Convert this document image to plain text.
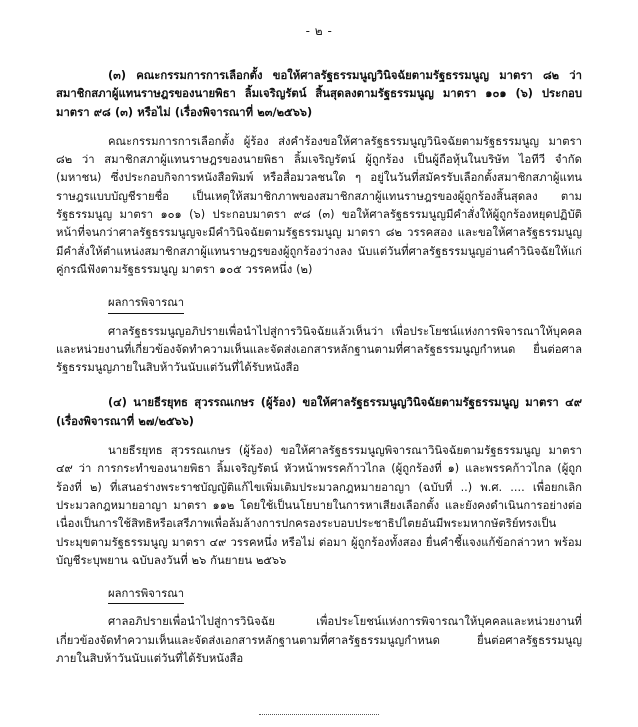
- ๒ -

(๓) คณะกรรมการการเลือกตั้ง ขอให้ศาลรัฐธรรมนูญวินิจฉัยตามรัฐธรรมนูญ มาตรา ๘๒ ว่า สมาชิกสภาผู้แทนราษฎรของนายพิธา ลิ้มเจริญรัตน์ สิ้นสุดลงตามรัฐธรรมนูญ มาตรา ๑๐๑ (๖) ประกอบ มาตรา ๙๘ (๓) หรือไม่ (เรื่องพิจารณาที่ ๒๓/๒๕๖๖)

คณะกรรมการการเลือกตั้ง ผู้ร้อง ส่งคำร้องขอให้ศาลรัฐธรรมนูญวินิจฉัยตามรัฐธรรมนูญ มาตรา ๘๒ ว่า สมาชิกสภาผู้แทนราษฎรของนายพิธา ลิ้มเจริญรัตน์ ผู้ถูกร้อง เป็นผู้ถือหุ้นในบริษัท ไอทีวี จำกัด (มหาชน) ซึ่งประกอบกิจการหนังสือพิมพ์ หรือสื่อมวลชนใด ๆ อยู่ในวันที่สมัครรับเลือกตั้งสมาชิกสภาผู้แทนราษฎรแบบบัญชีรายชื่อ เป็นเหตุให้สมาชิกภาพของสมาชิกสภาผู้แทนราษฎรของผู้ถูกร้องสิ้นสุดลง ตามรัฐธรรมนูญ มาตรา ๑๐๑ (๖) ประกอบมาตรา ๙๘ (๓) ขอให้ศาลรัฐธรรมนูญมีคำสั่งให้ผู้ถูกร้องหยุดปฏิบัติหน้าที่จนกว่าศาลรัฐธรรมนูญจะมีคำวินิจฉัยตามรัฐธรรมนูญ มาตรา ๘๒ วรรคสอง และขอให้ศาลรัฐธรรมนูญมีคำสั่งให้ตำแหน่งสมาชิกสภาผู้แทนราษฎรของผู้ถูกร้องว่างลง นับแต่วันที่ศาลรัฐธรรมนูญอ่านคำวินิจฉัยให้แก่คู่กรณีฟังตามรัฐธรรมนูญ มาตรา ๑๐๕ วรรคหนึ่ง (๒)

ผลการพิจารณา

ศาลรัฐธรรมนูญอภิปรายเพื่อนำไปสู่การวินิจฉัยแล้วเห็นว่า เพื่อประโยชน์แห่งการพิจารณาให้บุคคลและหน่วยงานที่เกี่ยวข้องจัดทำความเห็นและจัดส่งเอกสารหลักฐานตามที่ศาลรัฐธรรมนูญกำหนด ยื่นต่อศาลรัฐธรรมนูญภายในสิบห้าวันนับแต่วันที่ได้รับหนังสือ

(๔) นายธีรยุทธ สุวรรณเกษร (ผู้ร้อง) ขอให้ศาลรัฐธรรมนูญวินิจฉัยตามรัฐธรรมนูญ มาตรา ๔๙ (เรื่องพิจารณาที่ ๒๗/๒๕๖๖)

นายธีรยุทธ สุวรรณเกษร (ผู้ร้อง) ขอให้ศาลรัฐธรรมนูญพิจารณาวินิจฉัยตามรัฐธรรมนูญ มาตรา ๔๙ ว่า การกระทำของนายพิธา ลิ้มเจริญรัตน์ หัวหน้าพรรคก้าวไกล (ผู้ถูกร้องที่ ๑) และพรรคก้าวไกล (ผู้ถูกร้องที่ ๒) ที่เสนอร่างพระราชบัญญัติแก้ไขเพิ่มเติมประมวลกฎหมายอาญา (ฉบับที่ ..) พ.ศ. .... เพื่อยกเลิกประมวลกฎหมายอาญา มาตรา ๑๑๒ โดยใช้เป็นนโยบายในการหาเสียงเลือกตั้ง และยังคงดำเนินการอย่างต่อเนื่องเป็นการใช้สิทธิหรือเสรีภาพเพื่อล้มล้างการปกครองระบอบประชาธิปไตยอันมีพระมหากษัตริย์ทรงเป็นประมุขตามรัฐธรรมนูญ มาตรา ๔๙ วรรคหนึ่ง หรือไม่ ต่อมา ผู้ถูกร้องทั้งสอง ยื่นคำชี้แจงแก้ข้อกล่าวหา พร้อมบัญชีระบุพยาน ฉบับลงวันที่ ๒๖ กันยายน ๒๕๖๖

ผลการพิจารณา

ศาลอภิปรายเพื่อนำไปสู่การวินิจฉัย เพื่อประโยชน์แห่งการพิจารณาให้บุคคลและหน่วยงานที่เกี่ยวข้องจัดทำความเห็นและจัดส่งเอกสารหลักฐานตามที่ศาลรัฐธรรมนูญกำหนด ยื่นต่อศาลรัฐธรรมนูญภายในสิบห้าวันนับแต่วันที่ได้รับหนังสือ
